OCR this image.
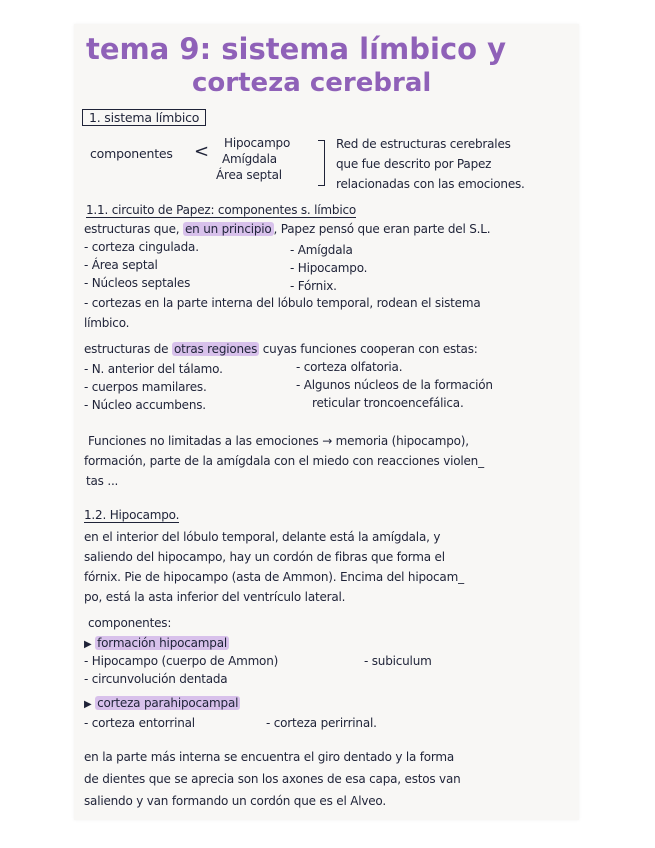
tema 9: sistema límbico y
corteza cerebral
1. sistema límbico
componentes < Hipocampo
Amígdala
Área septal
Red de estructuras cerebrales
que fue descrito por Papez
relacionadas con las emociones.
1.1. circuito de Papez: componentes s. límbico
estructuras que, en un principio , Papez pensó que eran parte del S.L.
- corteza cingulada.
- Área septal
- Núcleos septales
- Amígdala
- Hipocampo.
- Fórnix.
- cortezas en la parte interna del lóbulo temporal, rodean el sistema
límbico.
estructuras de otras regiones cuyas funciones cooperan con estas:
- N. anterior del tálamo.
- cuerpos mamilares.
- Núcleo accumbens.
- corteza olfatoria.
- Algunos núcleos de la formación
reticular troncoencefálica.
Funciones no limitadas a las emociones → memoria (hipocampo),
formación, parte de la amígdala con el miedo con reacciones violen_
tas ...
1.2. Hipocampo.
en el interior del lóbulo temporal, delante está la amígdala, y
saliendo del hipocampo, hay un cordón de fibras que forma el
fórnix. Pie de hipocampo (asta de Ammon). Encima del hipocam_
po, está la asta inferior del ventrículo lateral.
componentes:
▶ formación hipocampal
- Hipocampo (cuerpo de Ammon)	- subiculum
- circunvolución dentada
▶ corteza parahipocampal
- corteza entorrinal	- corteza perirrinal.
en la parte más interna se encuentra el giro dentado y la forma
de dientes que se aprecia son los axones de esa capa, estos van
saliendo y van formando un cordón que es el Alveo.
